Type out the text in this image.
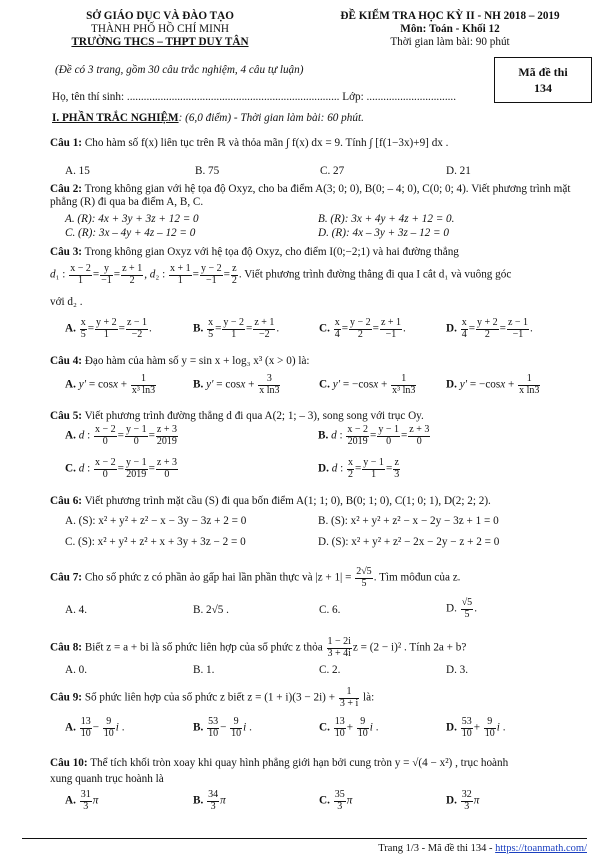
SỞ GIÁO DỤC VÀ ĐÀO TẠO
THÀNH PHỐ HỒ CHÍ MINH
TRƯỜNG THCS – THPT DUY TÂN
ĐỀ KIỂM TRA HỌC KỲ II - NH 2018 – 2019
Môn: Toán - Khối 12
Thời gian làm bài: 90 phút
(Đề có 3 trang, gồm 30 câu trắc nghiệm, 4 câu tự luận)	Mã đề thi
134
Họ, tên thí sinh: ............................................................................ Lớp: ................................
I. PHẦN TRẮC NGHIỆM: (6,0 điểm) - Thời gian làm bài: 60 phút.
Câu 1: Cho hàm số f(x) liên tục trên ℝ và thỏa mãn ∫ f(x) dx = 9. Tính ∫ [f(1−3x)+9] dx .
A. 15	B. 75	C. 27	D. 21
Câu 2: Trong không gian với hệ tọa độ Oxyz, cho ba điểm A(3; 0; 0), B(0; – 4; 0), C(0; 0; 4). Viết phương trình mặt phẳng (R) đi qua ba điểm A, B, C.
A. (R): 4x + 3y + 3z + 12 = 0	B. (R): 3x + 4y + 4z + 12 = 0.
C. (R): 3x – 4y + 4z – 12 = 0	D. (R): 4x – 3y + 3z – 12 = 0
Câu 3: Trong không gian Oxyz với hệ tọa độ Oxyz, cho điểm I(0;−2;1) và hai đường thẳng
d₁ : $\frac{x - 2}{1} = \frac{y}{-1} = \frac{z + 1}{2}$ , d₂ : $\frac{x + 1}{1} = \frac{y - 2}{-1} = \frac{z}{2}$ . Viết phương trình đường thẳng đi qua I cắt d₁ và vuông góc
với d₂ .
A. $\frac{x}{5} = \frac{y + 2}{1} = \frac{z - 1}{-2}$ .	B. $\frac{x}{5} = \frac{y - 2}{1} = \frac{z + 1}{-2}$ .	C. $\frac{x}{4} = \frac{y - 2}{2} = \frac{z + 1}{-1}$ .	D. $\frac{x}{4} = \frac{y + 2}{2} = \frac{z - 1}{-1}$ .
Câu 4: Đạo hàm của hàm số y = sin x + log₃ x³ (x > 0) là:
A. $y' = \cos x + \frac{1}{\text{x³ ln3}}$	B. $y' = \cos x + \frac{3}{\text{x ln3}}$	C. $y' = -\cos x + \frac{1}{\text{x³ ln3}}$	D. $y' = -\cos x + \frac{1}{\text{x ln3}}$
Câu 5: Viết phương trình đường thẳng d đi qua A(2; 1; – 3), song song với trục Oy.
A. d : $\frac{x - 2}{0} = \frac{y - 1}{0} = \frac{z + 3}{2019}$	B. d : $\frac{x - 2}{2019} = \frac{y - 1}{0} = \frac{z + 3}{0}$
C. d : $\frac{x - 2}{0} = \frac{y - 1}{2019} = \frac{z + 3}{0}$	D. d : $\frac{x}{2} = \frac{y - 1}{1} = \frac{z}{3}$
Câu 6: Viết phương trình mặt cầu (S) đi qua bốn điểm A(1; 1; 0), B(0; 1; 0), C(1; 0; 1), D(2; 2; 2).
A. (S): x² + y² + z² − x − 3y − 3z + 2 = 0	B. (S): x² + y² + z² − x − 2y − 3z + 1 = 0
C. (S): x² + y² + z² + x + 3y + 3z − 2 = 0	D. (S): x² + y² + z² − 2x − 2y − z + 2 = 0
Câu 7: Cho số phức z có phần ảo gấp hai lần phần thực và $|z + 1| = \frac{2√5}{5}$ . Tìm môđun của z.
A. 4.	B. 2√5 .	C. 6.	D. $\frac{√5}{5}$ .
Câu 8: Biết z = a + bi là số phức liên hợp của số phức z thỏa $\frac{1 - 2i}{3 + 4i}$ z = (2 − i)² . Tính 2a + b?
A. 0.	B. 1.	C. 2.	D. 3.
Câu 9: Số phức liên hợp của số phức z biết $z = (1 + i)(3 - 2i) + \frac{1}{3 + i}$ là:
A. $\frac{13}{10} - \frac{9}{10}$ i .	B. $\frac{53}{10} - \frac{9}{10}$ i .	C. $\frac{13}{10} + \frac{9}{10}$ i .	D. $\frac{53}{10} + \frac{9}{10}$ i .
Câu 10: Thể tích khối tròn xoay khi quay hình phẳng giới hạn bởi cung tròn y = √(4 − x²) , trục hoành
xung quanh trục hoành là
A. $\frac{31}{3}$ π	B. $\frac{34}{3}$ π	C. $\frac{35}{3}$ π	D. $\frac{32}{3}$ π
Trang 1/3 - Mã đề thi 134 - https://toanmath.com/
